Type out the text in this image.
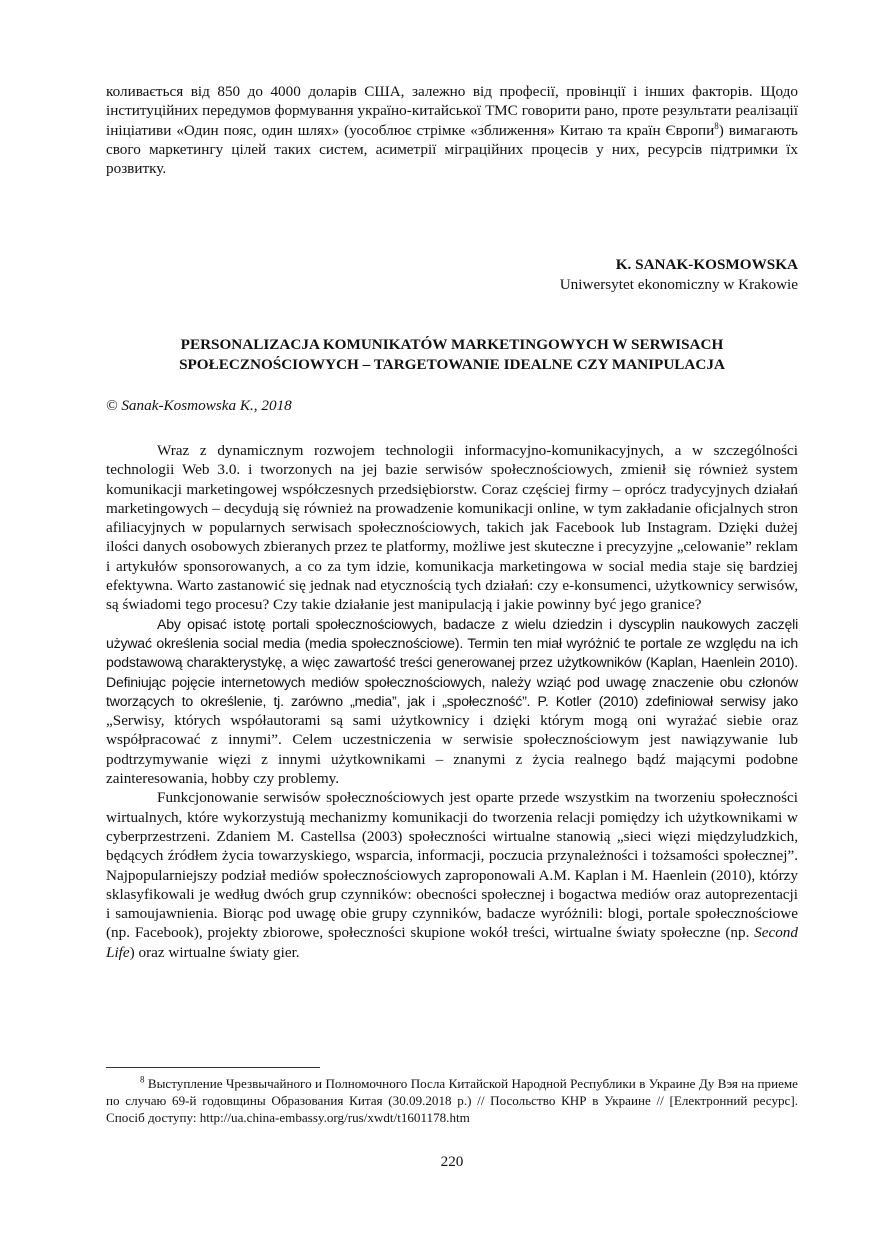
коливається від 850 до 4000 доларів США, залежно від професії, провінції і інших факторів. Щодо інституційних передумов формування україно-китайської ТМС говорити рано, проте результати реалізації ініціативи «Один пояс, один шлях» (уособлює стрімке «зближення» Китаю та країн Європи$^8$) вимагають свого маркетингу цілей таких систем, асиметрії міграційних процесів у них, ресурсів підтримки їх розвитку.

K. SANAK-KOSMOWSKA
Uniwersytet ekonomiczny w Krakowie
PERSONALIZACJA KOMUNIKATÓW MARKETINGOWYCH W SERWISACH
SPOŁECZNOŚCIOWYCH – TARGETOWANIE IDEALNE CZY MANIPULACJA
© Sanak-Kosmowska K., 2018

Wraz z dynamicznym rozwojem technologii informacyjno-komunikacyjnych, a w szczególności technologii Web 3.0. i tworzonych na jej bazie serwisów społecznościowych, zmienił się również system komunikacji marketingowej współczesnych przedsiębiorstw. Coraz częściej firmy – oprócz tradycyjnych działań marketingowych – decydują się również na prowadzenie komunikacji online, w tym zakładanie oficjalnych stron afiliacyjnych w popularnych serwisach społecznościowych, takich jak Facebook lub Instagram. Dzięki dużej ilości danych osobowych zbieranych przez te platformy, możliwe jest skuteczne i precyzyjne „celowanie” reklam i artykułów sponsorowanych, a co za tym idzie, komunikacja marketingowa w social media staje się bardziej efektywna. Warto zastanowić się jednak nad etycznością tych działań: czy e-konsumenci, użytkownicy serwisów, są świadomi tego procesu? Czy takie działanie jest manipulacją i jakie powinny być jego granice?

Aby opisać istotę portali społecznościowych, badacze z wielu dziedzin i dyscyplin naukowych zaczęli używać określenia social media (media społecznościowe). Termin ten miał wyróżnić te portale ze względu na ich podstawową charakterystykę, a więc zawartość treści generowanej przez użytkowników (Kaplan, Haenlein 2010). Definiując pojęcie internetowych mediów społecznościowych, należy wziąć pod uwagę znaczenie obu członów tworzących to określenie, tj. zarówno „media”, jak i „społeczność”. P. Kotler (2010) zdefiniował serwisy jako „Serwisy, których współautorami są sami użytkownicy i dzięki którym mogą oni wyrażać siebie oraz współpracować z innymi”. Celem uczestniczenia w serwisie społecznościowym jest nawiązywanie lub podtrzymywanie więzi z innymi użytkownikami – znanymi z życia realnego bądź mającymi podobne zainteresowania, hobby czy problemy.

Funkcjonowanie serwisów społecznościowych jest oparte przede wszystkim na tworzeniu społeczności wirtualnych, które wykorzystują mechanizmy komunikacji do tworzenia relacji pomiędzy ich użytkownikami w cyberprzestrzeni. Zdaniem M. Castellsa (2003) społeczności wirtualne stanowią „sieci więzi międzyludzkich, będących źródłem życia towarzyskiego, wsparcia, informacji, poczucia przynależności i tożsamości społecznej”. Najpopularniejszy podział mediów społecznościowych zaproponowali A.M. Kaplan i M. Haenlein (2010), którzy sklasyfikowali je według dwóch grup czynników: obecności społecznej i bogactwa mediów oraz autoprezentacji i samoujawnienia. Biorąc pod uwagę obie grupy czynników, badacze wyróżnili: blogi, portale społecznościowe (np. Facebook), projekty zbiorowe, społeczności skupione wokół treści, wirtualne światy społeczne (np. Second Life) oraz wirtualne światy gier.

$^8$ Выступление Чрезвычайного и Полномочного Посла Китайской Народной Республики в Украине Ду Вэя на приеме по случаю 69-й годовщины Образования Китая (30.09.2018 р.) // Посольство КНР в Украине // [Електронний ресурс]. Спосіб доступу: http://ua.china-embassy.org/rus/xwdt/t1601178.htm

220
